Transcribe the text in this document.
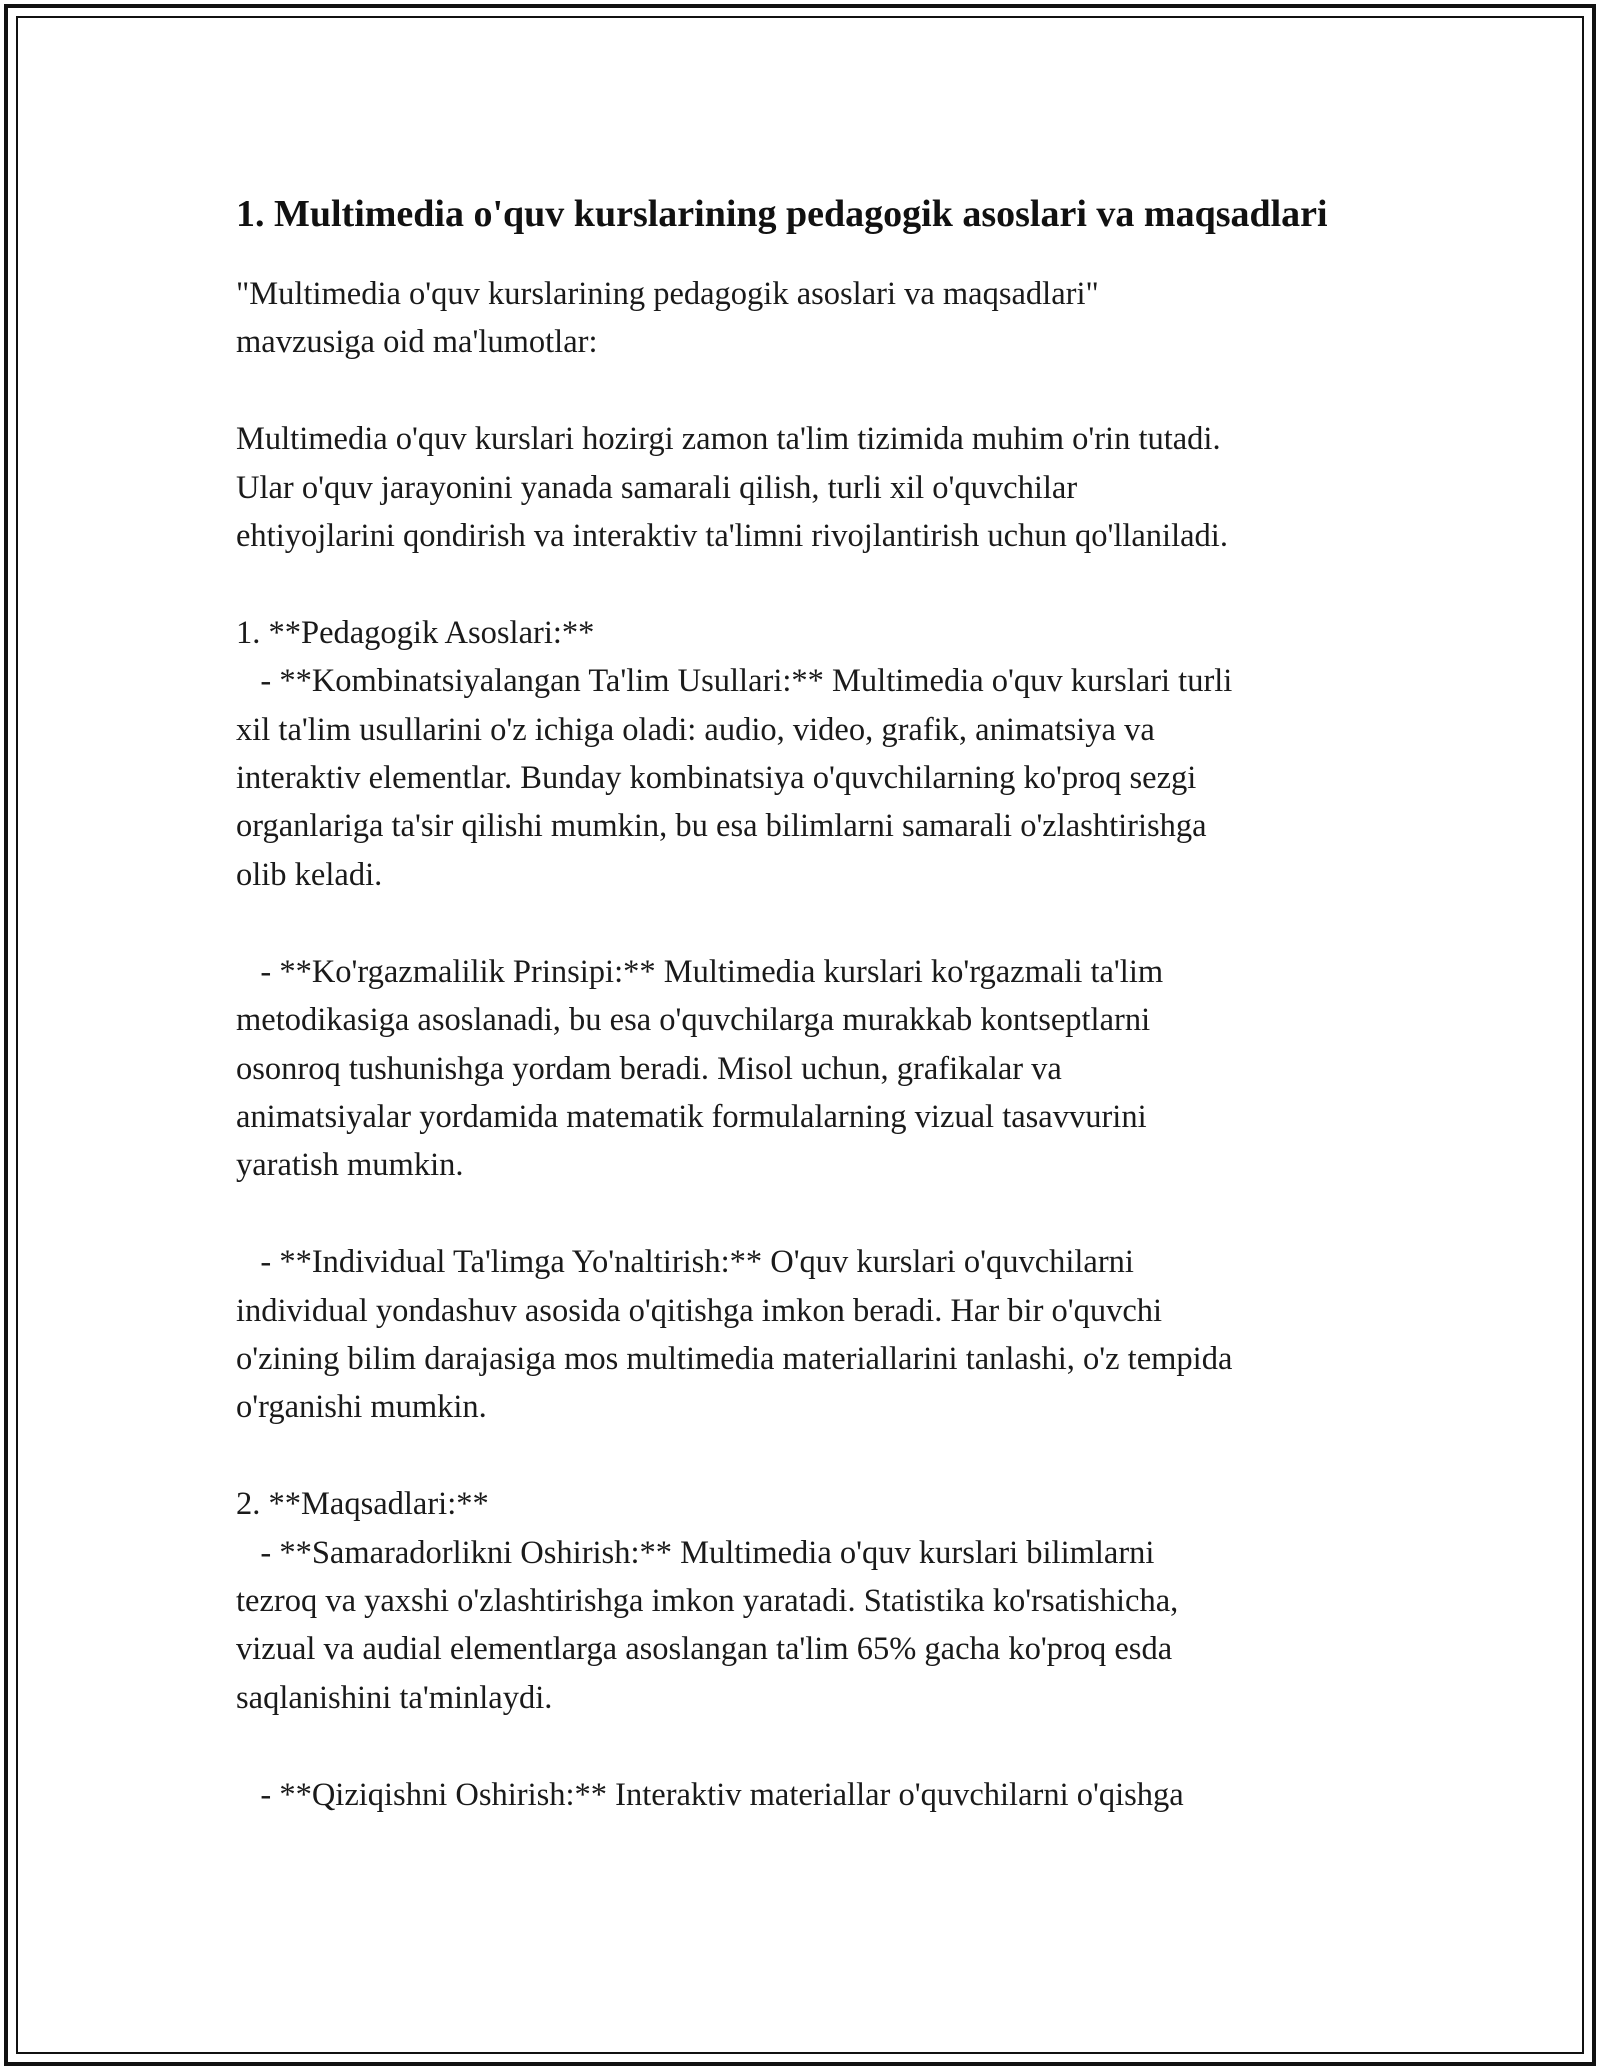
1. Multimedia o'quv kurslarining pedagogik asoslari va maqsadlari
"Multimedia o'quv kurslarining pedagogik asoslari va maqsadlari"
mavzusiga oid ma'lumotlar:

Multimedia o'quv kurslari hozirgi zamon ta'lim tizimida muhim o'rin tutadi.
Ular o'quv jarayonini yanada samarali qilish, turli xil o'quvchilar
ehtiyojlarini qondirish va interaktiv ta'limni rivojlantirish uchun qo'llaniladi.

1. **Pedagogik Asoslari:**
- **Kombinatsiyalangan Ta'lim Usullari:** Multimedia o'quv kurslari turli
xil ta'lim usullarini o'z ichiga oladi: audio, video, grafik, animatsiya va
interaktiv elementlar. Bunday kombinatsiya o'quvchilarning ko'proq sezgi
organlariga ta'sir qilishi mumkin, bu esa bilimlarni samarali o'zlashtirishga
olib keladi.

- **Ko'rgazmalilik Prinsipi:** Multimedia kurslari ko'rgazmali ta'lim
metodikasiga asoslanadi, bu esa o'quvchilarga murakkab kontseptlarni
osonroq tushunishga yordam beradi. Misol uchun, grafikalar va
animatsiyalar yordamida matematik formulalarning vizual tasavvurini
yaratish mumkin.

- **Individual Ta'limga Yo'naltirish:** O'quv kurslari o'quvchilarni
individual yondashuv asosida o'qitishga imkon beradi. Har bir o'quvchi
o'zining bilim darajasiga mos multimedia materiallarini tanlashi, o'z tempida
o'rganishi mumkin.

2. **Maqsadlari:**
- **Samaradorlikni Oshirish:** Multimedia o'quv kurslari bilimlarni
tezroq va yaxshi o'zlashtirishga imkon yaratadi. Statistika ko'rsatishicha,
vizual va audial elementlarga asoslangan ta'lim 65% gacha ko'proq esda
saqlanishini ta'minlaydi.

- **Qiziqishni Oshirish:** Interaktiv materiallar o'quvchilarni o'qishga
